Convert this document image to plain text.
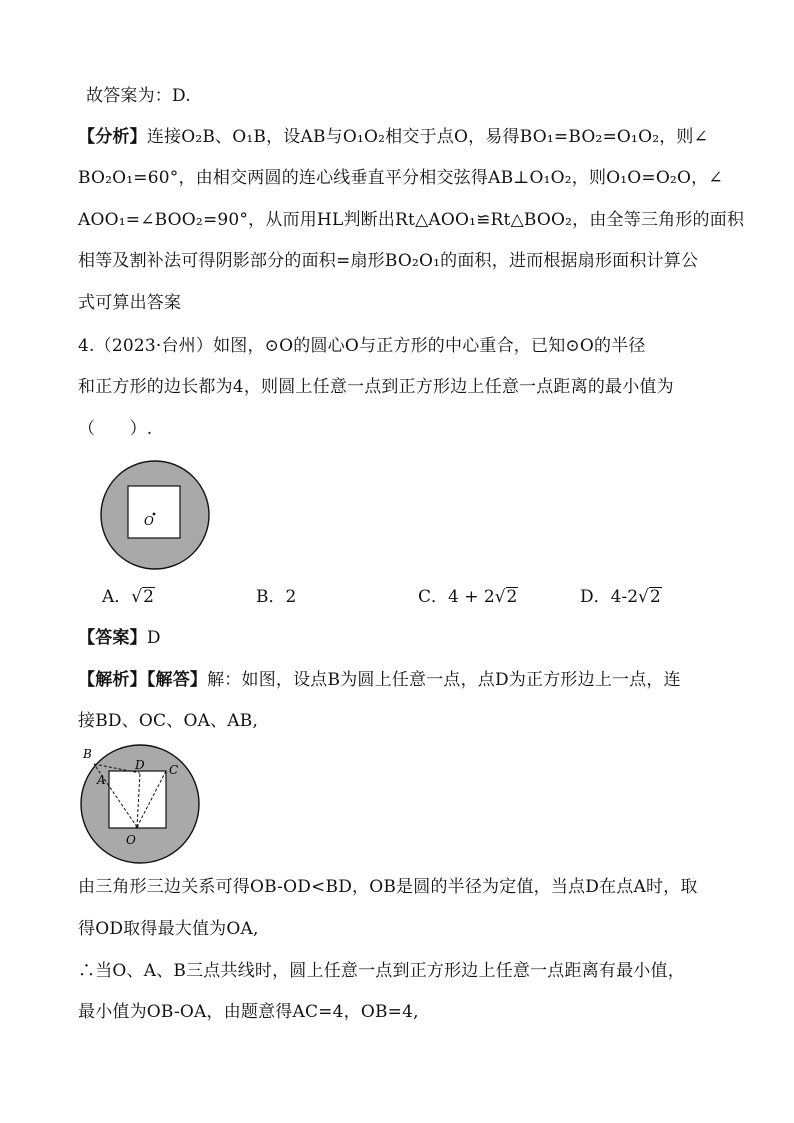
故答案为：D.
【分析】连接O₂B、O₁B，设AB与O₁O₂相交于点O，易得BO₁=BO₂=O₁O₂，则∠
BO₂O₁=60°，由相交两圆的连心线垂直平分相交弦得AB⊥O₁O₂，则O₁O=O₂O，∠
AOO₁=∠BOO₂=90°，从而用HL判断出Rt△AOO₁≌Rt△BOO₂，由全等三角形的面积
相等及割补法可得阴影部分的面积=扇形BO₂O₁的面积，进而根据扇形面积计算公
式可算出答案
4.（2023·台州）如图，⊙O的圆心O与正方形的中心重合，已知⊙O的半径
和正方形的边长都为4，则圆上任意一点到正方形边上任意一点距离的最小值为
（　　）.
O
A．√2	B．2	C．4 + 2√2	D．4-2√2
【答案】D
【解析】【解答】解：如图，设点B为圆上任意一点，点D为正方形边上一点，连
接BD、OC、OA、AB,
B
D C
A
O
由三角形三边关系可得OB-OD<BD，OB是圆的半径为定值，当点D在点A时，取
得OD取得最大值为OA,
∴当O、A、B三点共线时，圆上任意一点到正方形边上任意一点距离有最小值，
最小值为OB-OA，由题意得AC=4，OB=4,
